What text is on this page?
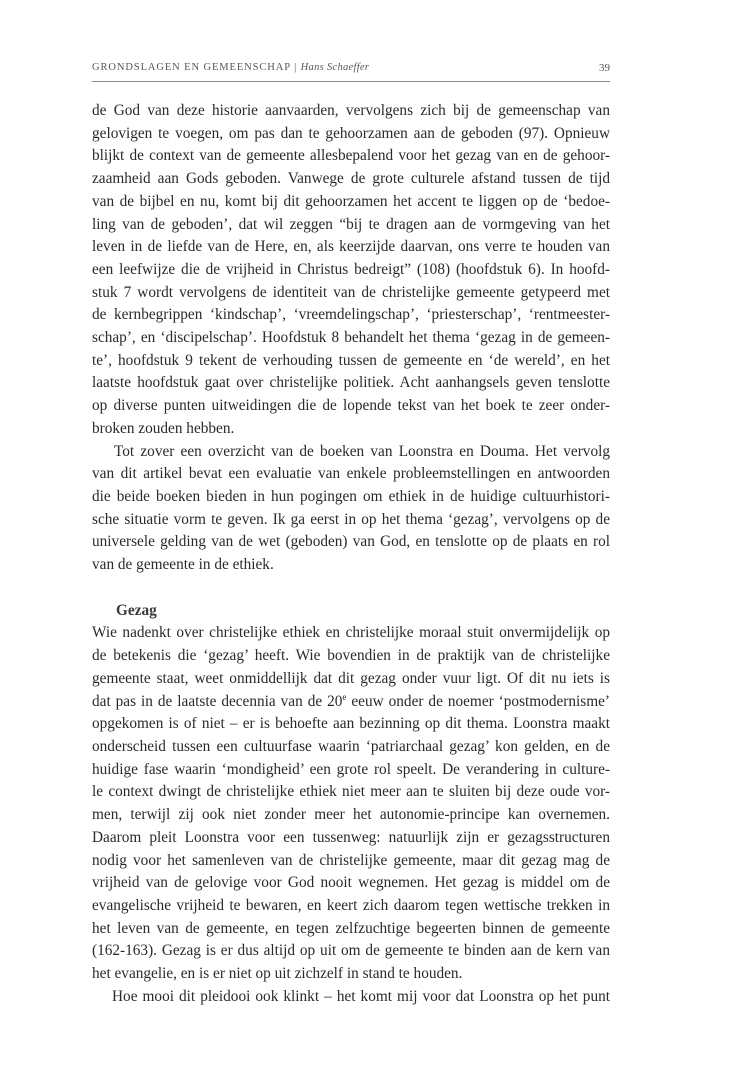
GRONDSLAGEN EN GEMEENSCHAP | Hans Schaeffer	39
de God van deze historie aanvaarden, vervolgens zich bij de gemeenschap van
gelovigen te voegen, om pas dan te gehoorzamen aan de geboden (97). Opnieuw
blijkt de context van de gemeente allesbepalend voor het gezag van en de gehoor-
zaamheid aan Gods geboden. Vanwege de grote culturele afstand tussen de tijd
van de bijbel en nu, komt bij dit gehoorzamen het accent te liggen op de ‘bedoe-
ling van de geboden’, dat wil zeggen “bij te dragen aan de vormgeving van het
leven in de liefde van de Here, en, als keerzijde daarvan, ons verre te houden van
een leefwijze die de vrijheid in Christus bedreigt” (108) (hoofdstuk 6). In hoofd-
stuk 7 wordt vervolgens de identiteit van de christelijke gemeente getypeerd met
de kernbegrippen ‘kindschap’, ‘vreemdelingschap’, ‘priesterschap’, ‘rentmeester-
schap’, en ‘discipelschap’. Hoofdstuk 8 behandelt het thema ‘gezag in de gemeen-
te’, hoofdstuk 9 tekent de verhouding tussen de gemeente en ‘de wereld’, en het
laatste hoofdstuk gaat over christelijke politiek. Acht aanhangsels geven tenslotte
op diverse punten uitweidingen die de lopende tekst van het boek te zeer onder-
broken zouden hebben.
Tot zover een overzicht van de boeken van Loonstra en Douma. Het vervolg
van dit artikel bevat een evaluatie van enkele probleemstellingen en antwoorden
die beide boeken bieden in hun pogingen om ethiek in de huidige cultuurhistori-
sche situatie vorm te geven. Ik ga eerst in op het thema ‘gezag’, vervolgens op de
universele gelding van de wet (geboden) van God, en tenslotte op de plaats en rol
van de gemeente in de ethiek.
Gezag
Wie nadenkt over christelijke ethiek en christelijke moraal stuit onvermijdelijk op
de betekenis die ‘gezag’ heeft. Wie bovendien in de praktijk van de christelijke
gemeente staat, weet onmiddellijk dat dit gezag onder vuur ligt. Of dit nu iets is
dat pas in de laatste decennia van de 20e eeuw onder de noemer ‘postmodernisme’
opgekomen is of niet – er is behoefte aan bezinning op dit thema. Loonstra maakt
onderscheid tussen een cultuurfase waarin ‘patriarchaal gezag’ kon gelden, en de
huidige fase waarin ‘mondigheid’ een grote rol speelt. De verandering in culture-
le context dwingt de christelijke ethiek niet meer aan te sluiten bij deze oude vor-
men, terwijl zij ook niet zonder meer het autonomie-principe kan overnemen.
Daarom pleit Loonstra voor een tussenweg: natuurlijk zijn er gezagsstructuren
nodig voor het samenleven van de christelijke gemeente, maar dit gezag mag de
vrijheid van de gelovige voor God nooit wegnemen. Het gezag is middel om de
evangelische vrijheid te bewaren, en keert zich daarom tegen wettische trekken in
het leven van de gemeente, en tegen zelfzuchtige begeerten binnen de gemeente
(162-163). Gezag is er dus altijd op uit om de gemeente te binden aan de kern van
het evangelie, en is er niet op uit zichzelf in stand te houden.
Hoe mooi dit pleidooi ook klinkt – het komt mij voor dat Loonstra op het punt
